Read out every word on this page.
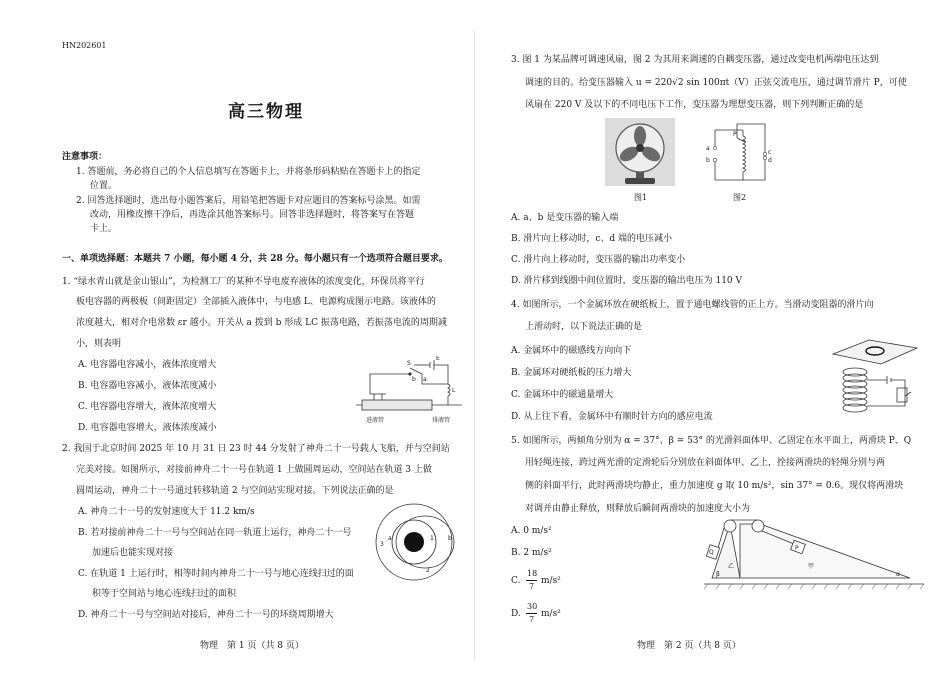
HN202601
高三物理
注意事项：
1. 答题前，务必将自己的个人信息填写在答题卡上，并将条形码粘贴在答题卡上的指定
位置。
2. 回答选择题时，选出每小题答案后，用铅笔把答题卡对应题目的答案标号涂黑。如需
改动，用橡皮擦干净后，再选涂其他答案标号。回答非选择题时，将答案写在答题
卡上。
一、单项选择题：本题共 7 小题，每小题 4 分，共 28 分。每小题只有一个选项符合题目要求。
1. “绿水青山就是金山银山”，为检测工厂的某种不导电废弃液体的浓度变化，环保员将平行
板电容器的两极板（间距固定）全部插入液体中，与电感 L、电源构成图示电路。该液体的
浓度越大，相对介电常数 εr 越小。开关从 a 拨到 b 形成 LC 振荡电路，若振荡电流的周期减
小，则表明
A. 电容器电容减小，液体浓度增大
B. 电容器电容减小，液体浓度减小
C. 电容器电容增大，液体浓度增大
D. 电容器电容增大，液体浓度减小
S
a
b
E
L
进液管	排液管
2. 我国于北京时间 2025 年 10 月 31 日 23 时 44 分发射了神舟二十一号载人飞船，并与空间站
完美对接。如图所示，对接前神舟二十一号在轨道 1 上做圆周运动，空间站在轨道 3 上做
圆周运动，神舟二十一号通过转移轨道 2 与空间站实现对接。下列说法正确的是
A. 神舟二十一号的发射速度大于 11.2 km/s
B. 若对接前神舟二十一号与空间站在同一轨道上运行，神舟二十一号
加速后也能实现对接
C. 在轨道 1 上运行时，相等时间内神舟二十一号与地心连线扫过的面
积等于空间站与地心连线扫过的面积
D. 神舟二十一号与空间站对接后，神舟二十一号的环绕周期增大
3
a	1 b
2
物理　第 1 页（共 8 页）
3. 图 1 为某品牌可调速风扇，图 2 为其用来调速的自耦变压器，通过改变电机两端电压达到
调速的目的。给变压器输入 u = 220√2 sin 100πt（V）正弦交流电压，通过调节滑片 P，可使
风扇在 220 V 及以下的不同电压下工作，变压器为理想变压器，则下列判断正确的是
图1
P
a
b
c
d
图2
A. a、b 是变压器的输入端
B. 滑片向上移动时，c、d 端的电压减小
C. 滑片向上移动时，变压器的输出功率变小
D. 滑片移到线圈中间位置时，变压器的输出电压为 110 V
4. 如图所示，一个金属环放在硬纸板上，置于通电螺线管的正上方。当滑动变阻器的滑片向
上滑动时，以下说法正确的是
A. 金属环中的磁感线方向向下
B. 金属环对硬纸板的压力增大
C. 金属环中的磁通量增大
D. 从上往下看，金属环中有顺时针方向的感应电流
5. 如图所示，两倾角分别为 α = 37°、β = 53° 的光滑斜面体甲、乙固定在水平面上，两滑块 P、Q
用轻绳连接，跨过两光滑的定滑轮后分别放在斜面体甲、乙上，拴接两滑块的轻绳分别与两
侧的斜面平行，此时两滑块均静止，重力加速度 g 取 10 m/s²，sin 37° = 0.6。现仅将两滑块
对调并由静止释放，则释放后瞬间两滑块的加速度大小为
A. 0 m/s²
B. 2 m/s²
C.
18
7
m/s²
D.
30
7
m/s²
Q
P
β	α
乙	甲
物理　第 2 页（共 8 页）
